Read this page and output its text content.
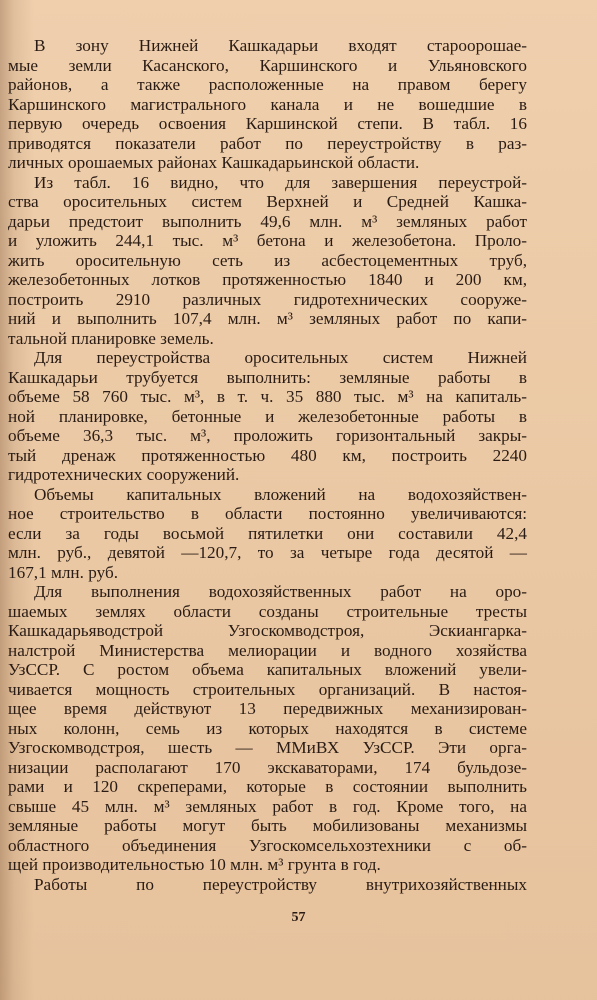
В зону Нижней Кашкадарьи входят староорошае-
мые земли Касанского, Каршинского и Ульяновского
районов, а также расположенные на правом берегу
Каршинского магистрального канала и не вошедшие в
первую очередь освоения Каршинской степи. В табл. 16
приводятся показатели работ по переустройству в раз-
личных орошаемых районах Кашкадарьинской области.
Из табл. 16 видно, что для завершения переустрой-
ства оросительных систем Верхней и Средней Кашка-
дарьи предстоит выполнить 49,6 млн. м³ земляных работ
и уложить 244,1 тыс. м³ бетона и железобетона. Проло-
жить оросительную сеть из асбестоцементных труб,
железобетонных лотков протяженностью 1840 и 200 км,
построить 2910 различных гидротехнических сооруже-
ний и выполнить 107,4 млн. м³ земляных работ по капи-
тальной планировке земель.
Для переустройства оросительных систем Нижней
Кашкадарьи трубуется выполнить: земляные работы в
объеме 58 760 тыс. м³, в т. ч. 35 880 тыс. м³ на капиталь-
ной планировке, бетонные и железобетонные работы в
объеме 36,3 тыс. м³, проложить горизонтальный закры-
тый дренаж протяженностью 480 км, построить 2240
гидротехнических сооружений.
Объемы капитальных вложений на водохозяйствен-
ное строительство в области постоянно увеличиваются:
если за годы восьмой пятилетки они составили 42,4
млн. руб., девятой —120,7, то за четыре года десятой —
167,1 млн. руб.
Для выполнения водохозяйственных работ на оро-
шаемых землях области созданы строительные тресты
Кашкадарьяводстрой Узгоскомводстроя, Эскиангарка-
налстрой Министерства мелиорации и водного хозяйства
УзССР. С ростом объема капитальных вложений увели-
чивается мощность строительных организаций. В настоя-
щее время действуют 13 передвижных механизирован-
ных колонн, семь из которых находятся в системе
Узгоскомводстроя, шесть — ММиВХ УзССР. Эти орга-
низации располагают 170 экскаваторами, 174 бульдозе-
рами и 120 скреперами, которые в состоянии выполнить
свыше 45 млн. м³ земляных работ в год. Кроме того, на
земляные работы могут быть мобилизованы механизмы
областного объединения Узгоскомсельхозтехники с об-
щей производительностью 10 млн. м³ грунта в год.
Работы по переустройству внутрихозяйственных
57
